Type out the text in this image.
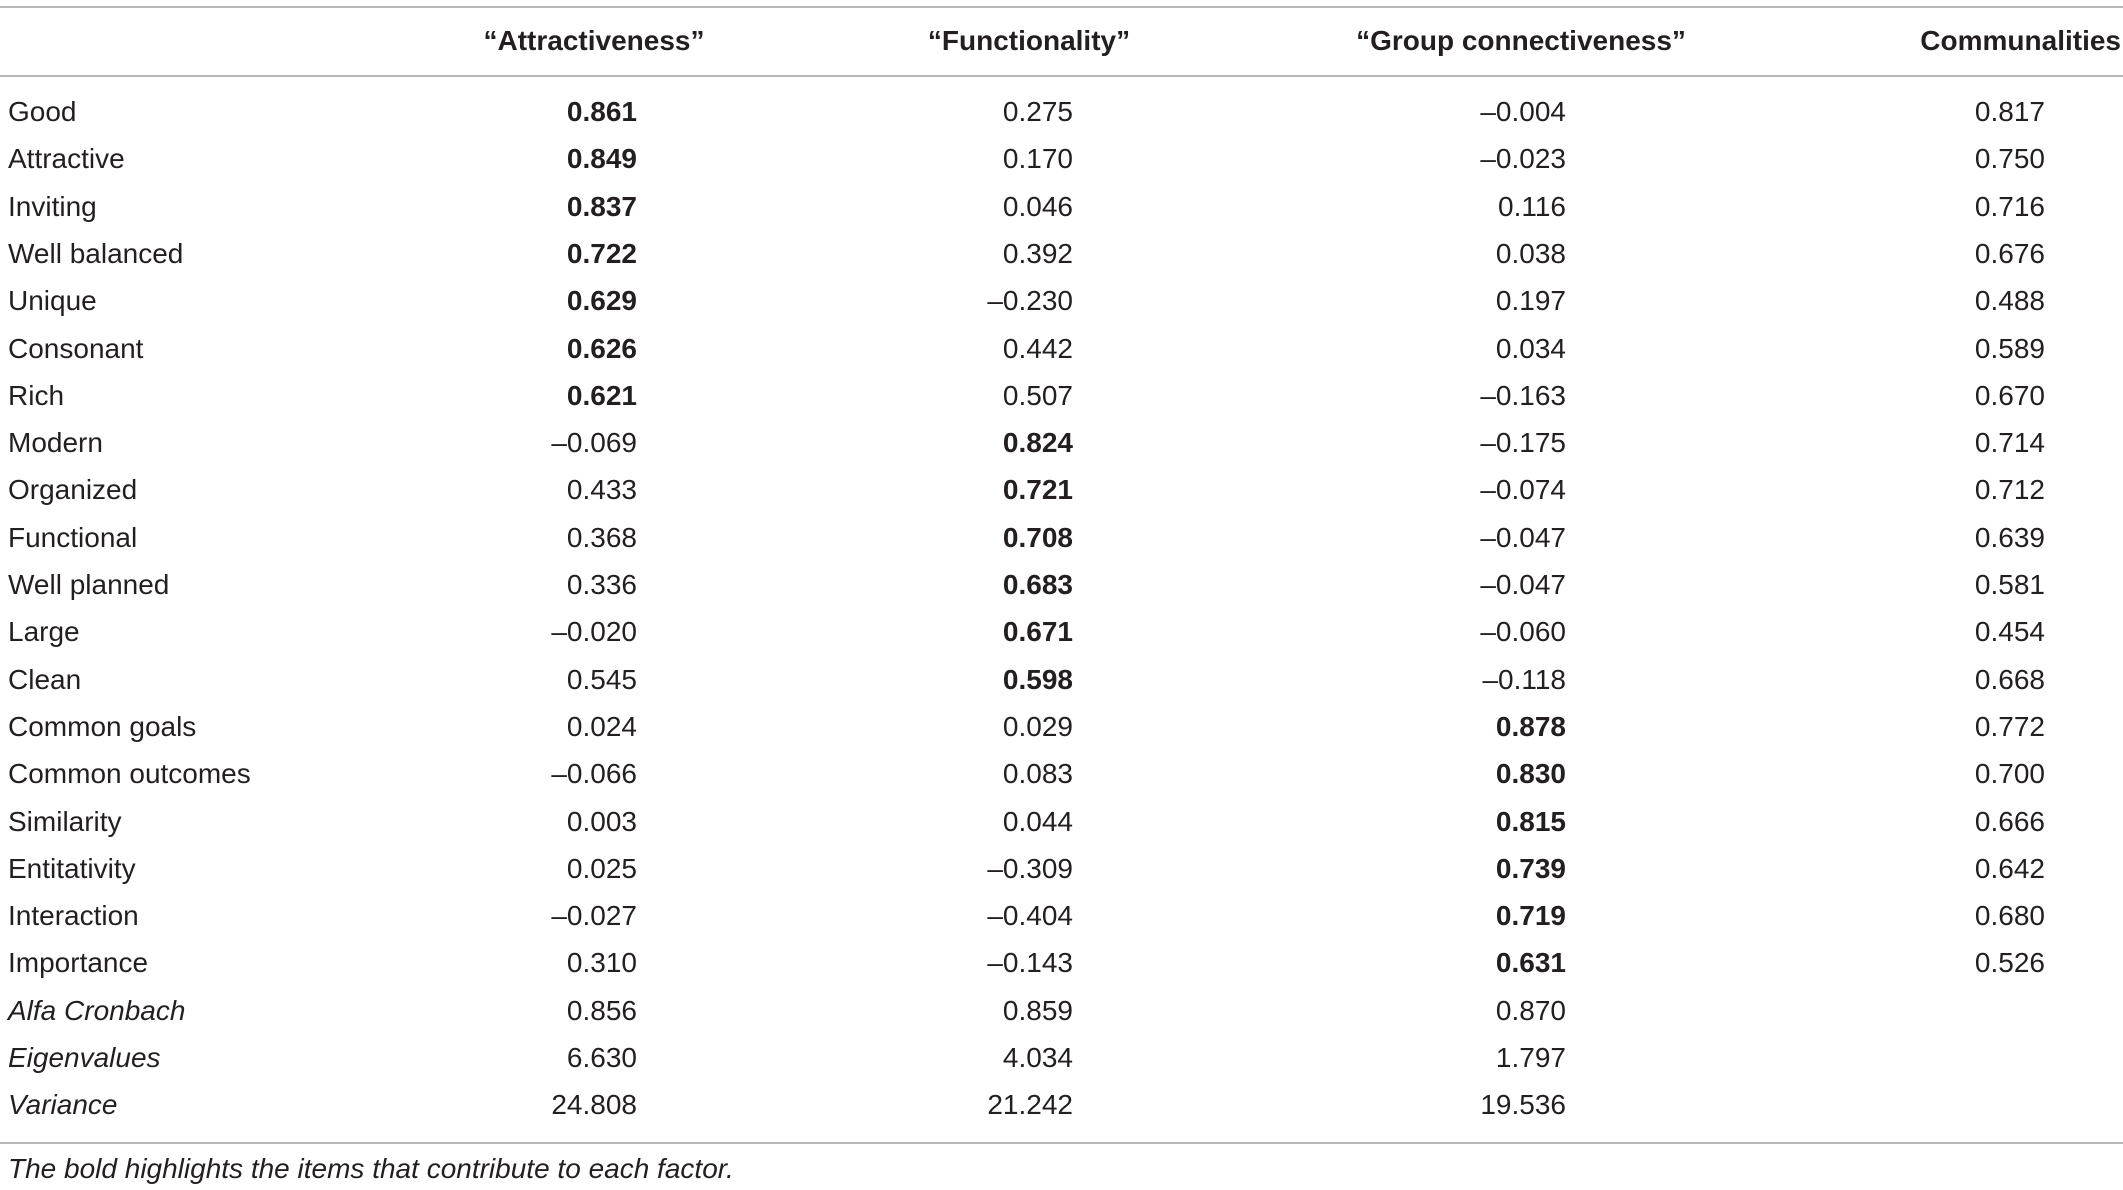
“Attractiveness”	“Functionality”	“Group connectiveness”	Communalities
Good	0.861	0.275	–0.004	0.817
Attractive	0.849	0.170	–0.023	0.750
Inviting	0.837	0.046	0.116	0.716
Well balanced	0.722	0.392	0.038	0.676
Unique	0.629	–0.230	0.197	0.488
Consonant	0.626	0.442	0.034	0.589
Rich	0.621	0.507	–0.163	0.670
Modern	–0.069	0.824	–0.175	0.714
Organized	0.433	0.721	–0.074	0.712
Functional	0.368	0.708	–0.047	0.639
Well planned	0.336	0.683	–0.047	0.581
Large	–0.020	0.671	–0.060	0.454
Clean	0.545	0.598	–0.118	0.668
Common goals	0.024	0.029	0.878	0.772
Common outcomes	–0.066	0.083	0.830	0.700
Similarity	0.003	0.044	0.815	0.666
Entitativity	0.025	–0.309	0.739	0.642
Interaction	–0.027	–0.404	0.719	0.680
Importance	0.310	–0.143	0.631	0.526
Alfa Cronbach	0.856	0.859	0.870
Eigenvalues	6.630	4.034	1.797
Variance	24.808	21.242	19.536
The bold highlights the items that contribute to each factor.
